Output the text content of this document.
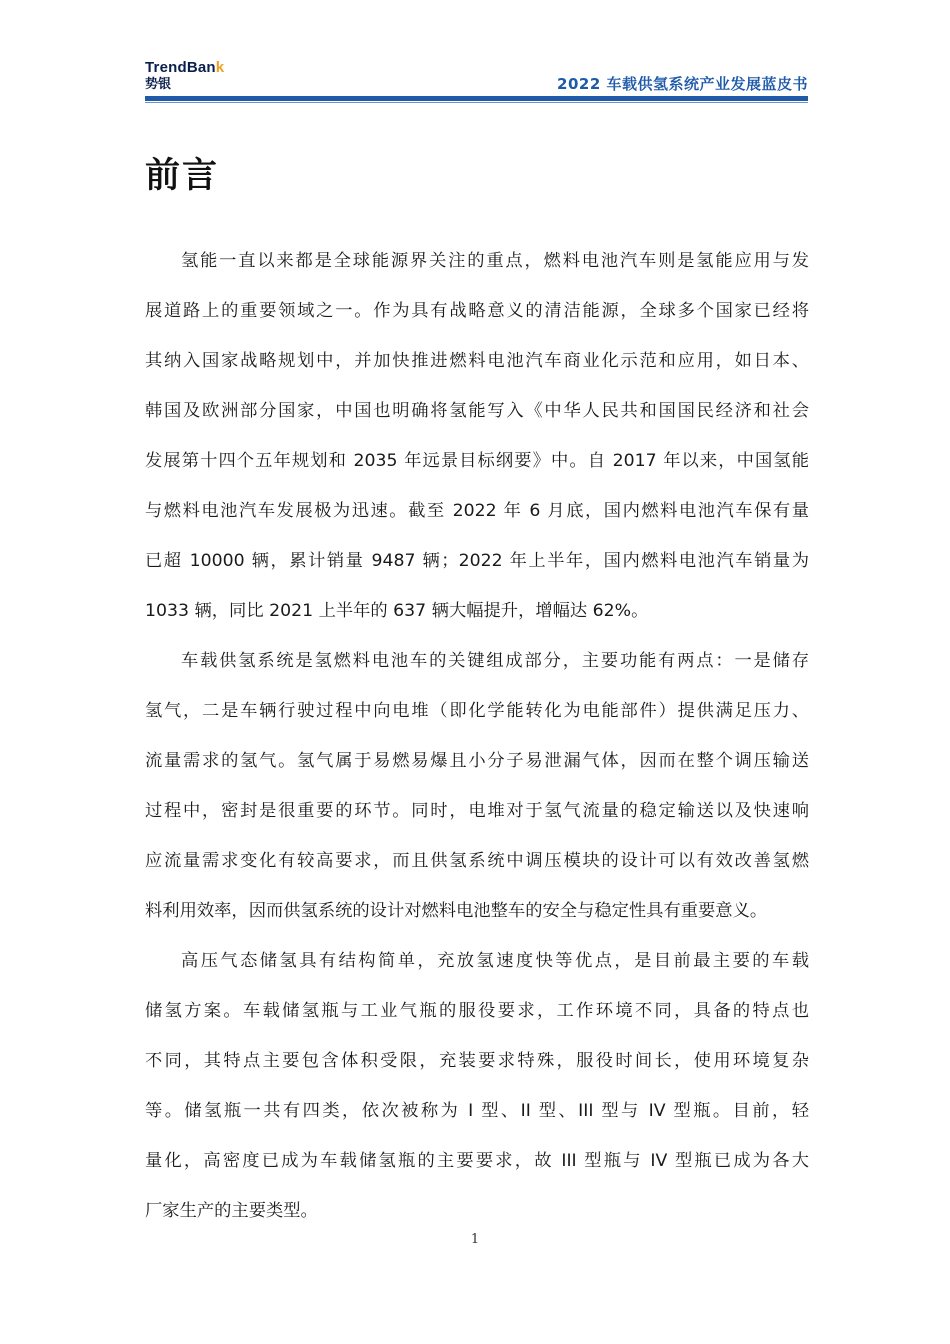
TrendBank
势银	2022 车载供氢系统产业发展蓝皮书
前言

氢能一直以来都是全球能源界关注的重点，燃料电池汽车则是氢能应用与发

展道路上的重要领域之一。作为具有战略意义的清洁能源，全球多个国家已经将

其纳入国家战略规划中，并加快推进燃料电池汽车商业化示范和应用，如日本、

韩国及欧洲部分国家，中国也明确将氢能写入《中华人民共和国国民经济和社会

发展第十四个五年规划和 2035 年远景目标纲要》中。自 2017 年以来，中国氢能

与燃料电池汽车发展极为迅速。截至 2022 年 6 月底，国内燃料电池汽车保有量

已超 10000 辆，累计销量 9487 辆；2022 年上半年，国内燃料电池汽车销量为

1033 辆，同比 2021 上半年的 637 辆大幅提升，增幅达 62%。

车载供氢系统是氢燃料电池车的关键组成部分，主要功能有两点：一是储存

氢气，二是车辆行驶过程中向电堆（即化学能转化为电能部件）提供满足压力、

流量需求的氢气。氢气属于易燃易爆且小分子易泄漏气体，因而在整个调压输送

过程中，密封是很重要的环节。同时，电堆对于氢气流量的稳定输送以及快速响

应流量需求变化有较高要求，而且供氢系统中调压模块的设计可以有效改善氢燃

料利用效率，因而供氢系统的设计对燃料电池整车的安全与稳定性具有重要意义。

高压气态储氢具有结构简单，充放氢速度快等优点，是目前最主要的车载

储氢方案。车载储氢瓶与工业气瓶的服役要求，工作环境不同，具备的特点也

不同，其特点主要包含体积受限，充装要求特殊，服役时间长，使用环境复杂

等。储氢瓶一共有四类，依次被称为 I 型、II 型、III 型与 IV 型瓶。目前，轻

量化，高密度已成为车载储氢瓶的主要要求，故 III 型瓶与 IV 型瓶已成为各大

厂家生产的主要类型。

1
